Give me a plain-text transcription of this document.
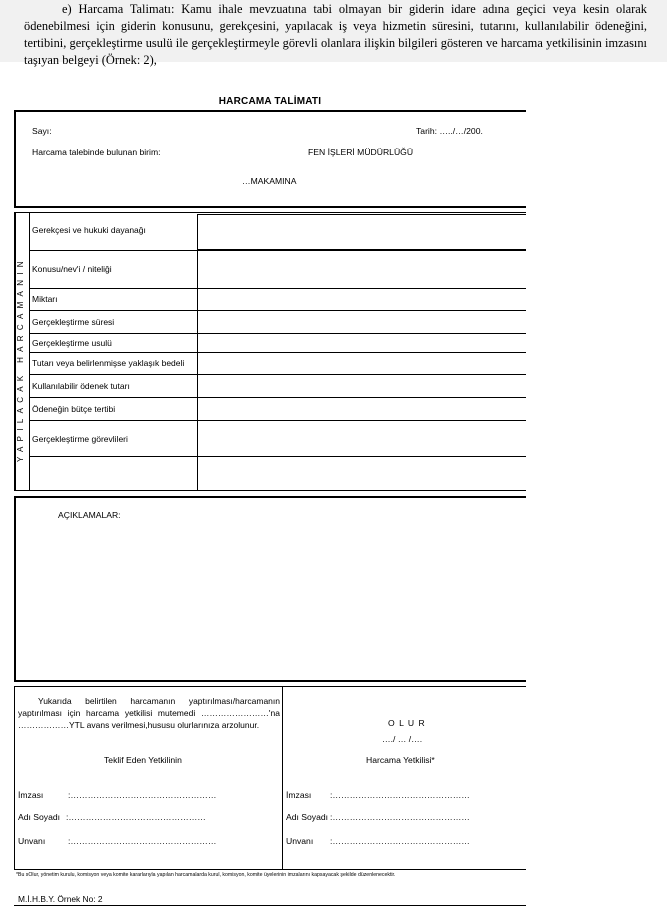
e) Harcama Talimatı: Kamu ihale mevzuatına tabi olmayan bir giderin idare adına geçici veya kesin olarak ödenebilmesi için giderin konusunu, gerekçesini, yapılacak iş veya hizmetin süresini, tutarını, kullanılabilir ödeneğini, tertibini, gerçekleştirme usulü ile gerçekleştirmeyle görevli olanlara ilişkin bilgileri gösteren ve harcama yetkilisinin imzasını taşıyan belgeyi (Örnek: 2),

HARCAMA TALİMATI
Sayı:	Tarih: …../…/200.
Harcama talebinde bulunan birim:	FEN İŞLERİ MÜDÜRLÜĞÜ
…MAKAMINA
YAPILACAK HARCAMANIN
Gerekçesi ve hukuki dayanağı
Konusu/nev'i / niteliği
Miktarı
Gerçekleştirme süresi
Gerçekleştirme usulü
Tutarı veya belirlenmişse yaklaşık bedeli
Kullanılabilir ödenek tutarı
Ödeneğin bütçe tertibi
Gerçekleştirme görevlileri
AÇIKLAMALAR:
Yukarıda belirtilen harcamanın yaptırılması/harcamanın yaptırılması için harcama yetkilisi mutemedi ……………………'na ………………YTL avans verilmesi,hususu olurlarınıza arzolunur.
Teklif Eden Yetkilinin
İmzası	:……………………………………………
Adı Soyadı :…………………………………………
Unvanı	:……………………………………………
O L U R
…./ … /….
Harcama Yetkilisi*
İmzası :…………………………………………
Adı Soyadı :…………………………………………
Unvanı :…………………………………………
*Bu sOlur, yönetim kurulu, komisyon veya komite kararlarıyla yapılan harcamalarda kurul, komisyon, komite üyelerinin imzalarını kapsayacak şekilde düzenlenecektir.
M.İ.H.B.Y. Örnek No: 2
